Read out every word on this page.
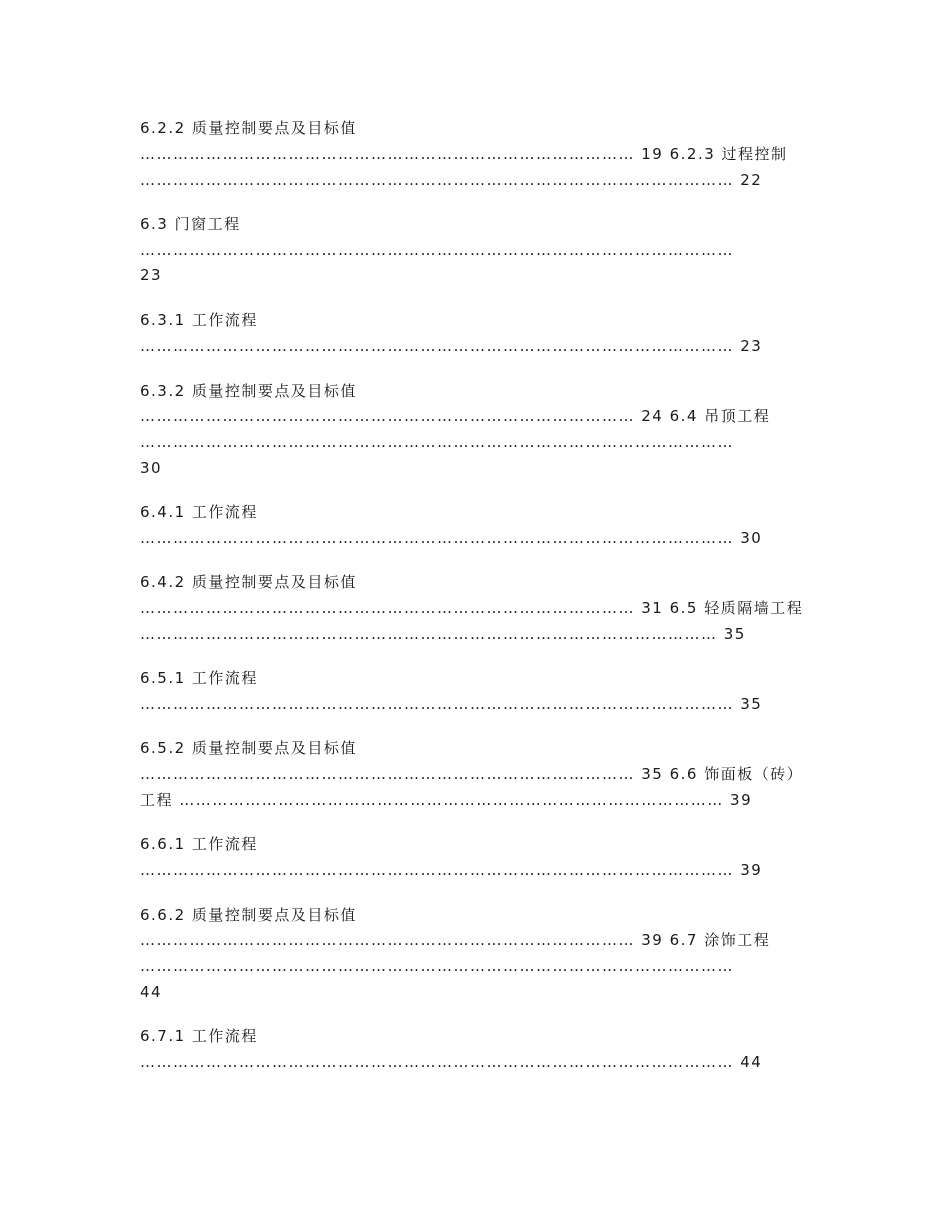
6.2.2 质量控制要点及目标值
……………………………………………………………………………… 19 6.2.3 过程控制
……………………………………………………………………………………………… 22
6.3 门窗工程
………………………………………………………………………………………………
23
6.3.1 工作流程
……………………………………………………………………………………………… 23
6.3.2 质量控制要点及目标值
……………………………………………………………………………… 24 6.4 吊顶工程
………………………………………………………………………………………………
30
6.4.1 工作流程
……………………………………………………………………………………………… 30
6.4.2 质量控制要点及目标值
……………………………………………………………………………… 31 6.5 轻质隔墙工程
…………………………………………………………………………………………… 35
6.5.1 工作流程
……………………………………………………………………………………………… 35
6.5.2 质量控制要点及目标值
……………………………………………………………………………… 35 6.6 饰面板（砖）
工程 ……………………………………………………………………………………… 39
6.6.1 工作流程
……………………………………………………………………………………………… 39
6.6.2 质量控制要点及目标值
……………………………………………………………………………… 39 6.7 涂饰工程
………………………………………………………………………………………………
44
6.7.1 工作流程
……………………………………………………………………………………………… 44
